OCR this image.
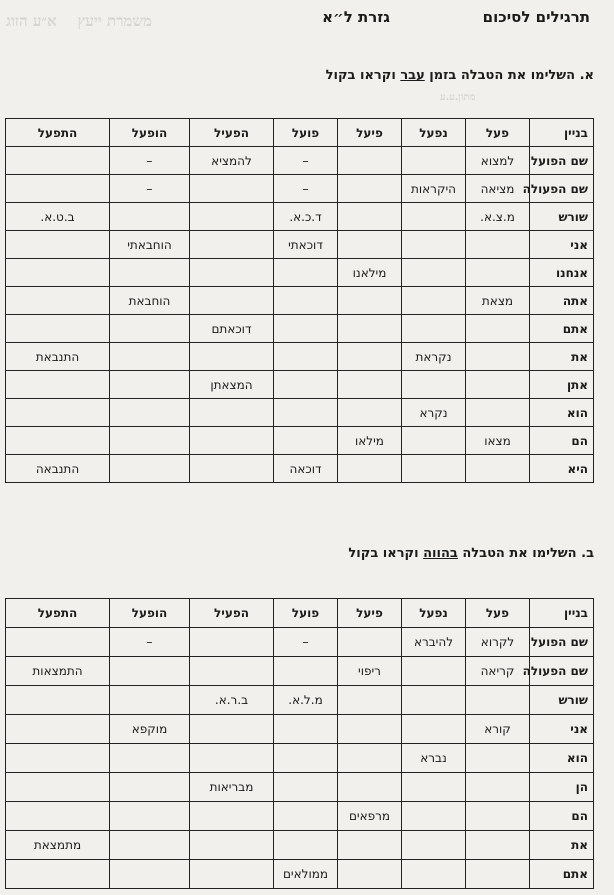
משמרת ייעץ    א״ע הזוג
מתון.ע.ע
תרגילים לסיכום
גזרת ל״א
א. השלימו את הטבלה בזמן עבר וקראו בקול
בניין	פעל	נפעל	פיעל	פועל	הפעיל	הופעל	התפעל
שם הפועל	למצוא			–	להמציא	–	
שם הפעולה	מציאה	היקראות		–		–	
שורש	מ.צ.א.			ד.כ.א.			ב.ט.א.
אני				דוכאתי		הוחבאתי	
אנחנו			מילאנו				
אתה	מצאת					הוחבאת	
אתם					דוכאתם		
את		נקראת					התנבאת
אתן					המצאתן		
הוא		נקרא					
הם	מצאו		מילאו				
היא				דוכאה			התנבאה
ב. השלימו את הטבלה בהווה וקראו בקול
בניין	פעל	נפעל	פיעל	פועל	הפעיל	הופעל	התפעל
שם הפועל	לקרוא	להיברא		–		–	
שם הפעולה	קריאה		ריפוי				התמצאות
שורש				מ.ל.א.	ב.ר.א.		
אני	קורא					מוקפא	
הוא		נברא					
הן					מבריאות		
הם			מרפאים				
את							מתמצאת
אתם				ממולאים			
